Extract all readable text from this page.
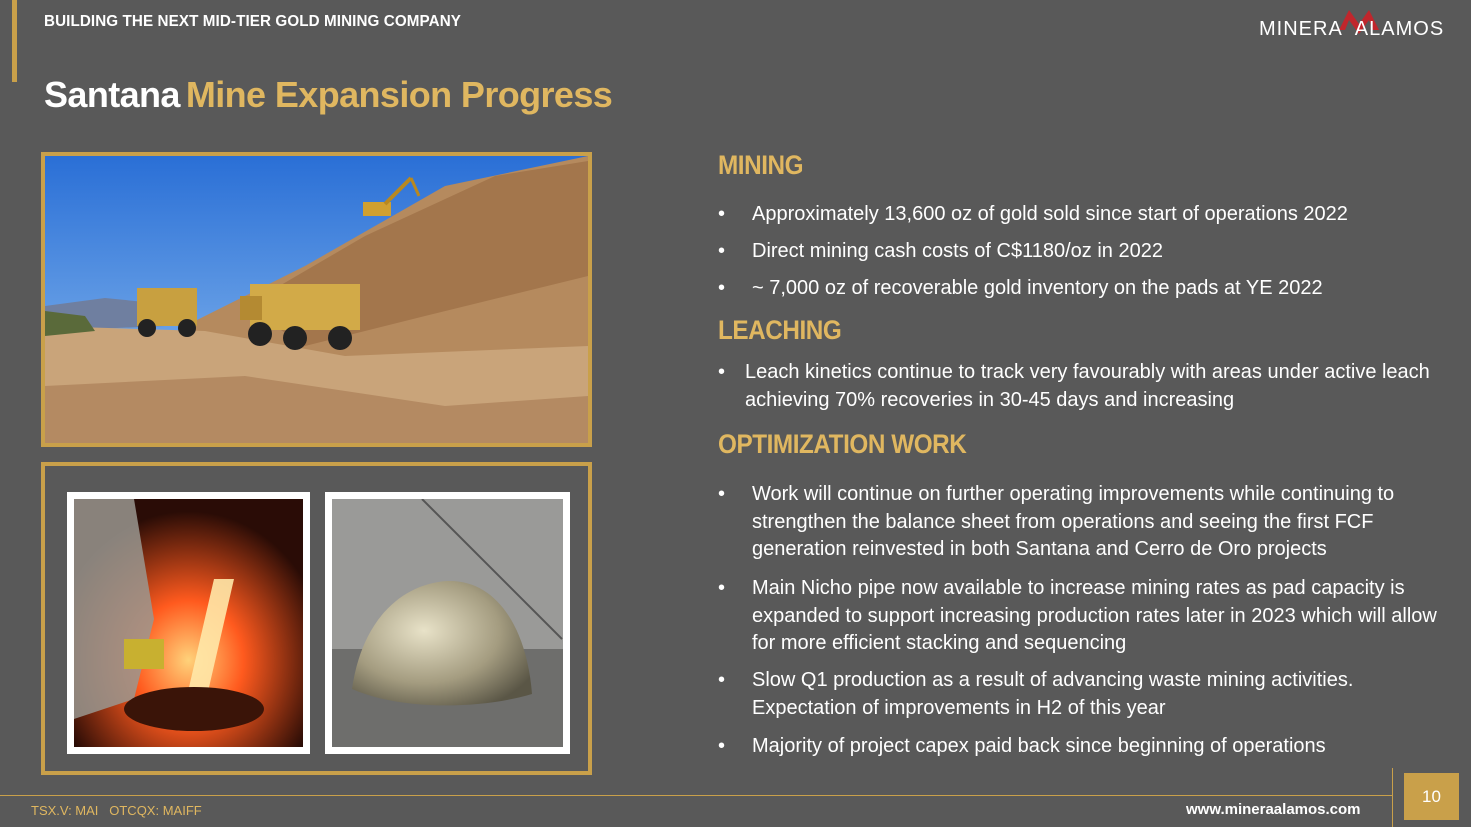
BUILDING THE NEXT MID-TIER GOLD MINING COMPANY	MINERA ALAMOS
Santana Mine Expansion Progress
MINING
• Approximately 13,600 oz of gold sold since start of operations 2022
• Direct mining cash costs of C$1180/oz in 2022
• ~ 7,000 oz of recoverable gold inventory on the pads at YE 2022
LEACHING
• Leach kinetics continue to track very favourably with areas under active leach achieving 70% recoveries in 30-45 days and increasing
OPTIMIZATION WORK
• Work will continue on further operating improvements while continuing to strengthen the balance sheet from operations and seeing the first FCF generation reinvested in both Santana and Cerro de Oro projects
• Main Nicho pipe now available to increase mining rates as pad capacity is expanded to support increasing production rates later in 2023 which will allow for more efficient stacking and sequencing
• Slow Q1 production as a result of advancing waste mining activities. Expectation of improvements in H2 of this year
• Majority of project capex paid back since beginning of operations
TSX.V: MAI   OTCQX: MAIFF	www.mineraalamos.com
10
